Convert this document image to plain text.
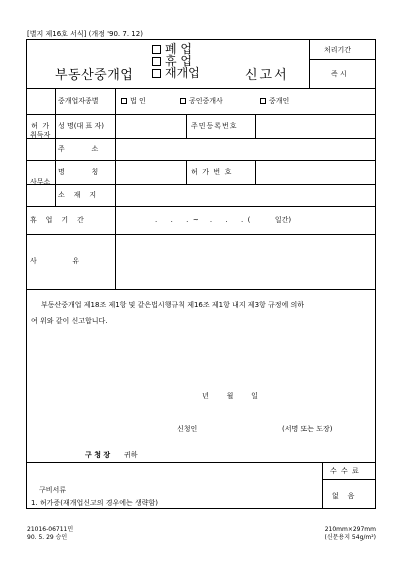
[별지 제16호 서식] (개정 '90. 7. 12)
부동산중개업
폐 업
휴 업
재개업	신고서
처리기간
즉 시
허  가
취득자
중개업자종별	법 인	공인중개사	중개인
성 명(대 표 자)	주민등록번호
주            소
사무소
명            칭	허  가  번  호
소    재    지
휴    업    기    간	.      .      .  ~     .      .      .  (           일간)
사                유
부동산중개업 제18조 제1항 및 같은법시행규칙 제16조 제1항 내지 제3항 규정에 의하
여 위와 같이 신고합니다.
년        월        일
신청인	(서명 또는 도장)
구 청 장 귀하
구비서류
1. 허가증(재개업신고의 경우에는 생략함)
수 수 료
없    음
21016-06711민
90. 5. 29 승인
210mm×297mm
(신문용지 54g/m²)
